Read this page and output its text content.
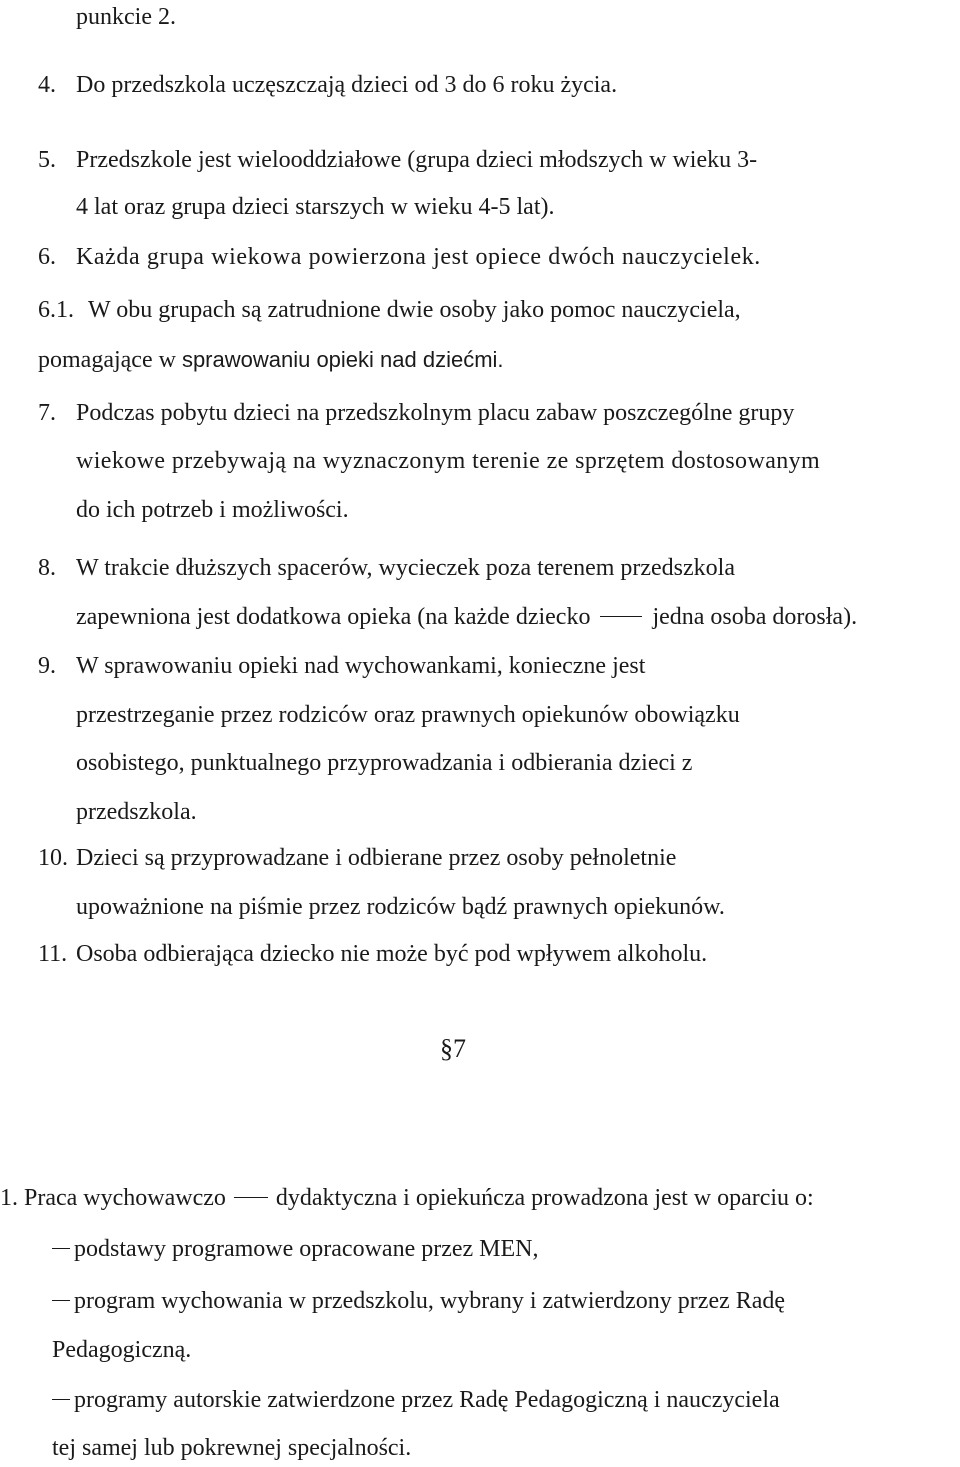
punkcie 2.
4. Do przedszkola uczęszczają dzieci od 3 do 6 roku życia.
5. Przedszkole jest wielooddziałowe (grupa dzieci młodszych w wieku 3-
4 lat oraz grupa dzieci starszych w wieku 4-5 lat).
6. Każda grupa wiekowa powierzona jest opiece dwóch nauczycielek.
6.1. W obu grupach są zatrudnione dwie osoby jako pomoc nauczyciela,
pomagające w sprawowaniu opieki nad dziećmi.
7. Podczas pobytu dzieci na przedszkolnym placu zabaw poszczególne grupy
wiekowe przebywają na wyznaczonym terenie ze sprzętem dostosowanym
do ich potrzeb i możliwości.
8. W trakcie dłuższych spacerów, wycieczek poza terenem przedszkola
zapewniona jest dodatkowa opieka (na każde dziecko	jedna osoba dorosła).
9. W sprawowaniu opieki nad wychowankami, konieczne jest
przestrzeganie przez rodziców oraz prawnych opiekunów obowiązku
osobistego, punktualnego przyprowadzania i odbierania dzieci z
przedszkola.
10. Dzieci są przyprowadzane i odbierane przez osoby pełnoletnie
upoważnione na piśmie przez rodziców bądź prawnych opiekunów.
11. Osoba odbierająca dziecko nie może być pod wpływem alkoholu.
§7
1. Praca wychowawczo dydaktyczna i opiekuńcza prowadzona jest w oparciu o:
podstawy programowe opracowane przez MEN,
program wychowania w przedszkolu, wybrany i zatwierdzony przez Radę
Pedagogiczną.
programy autorskie zatwierdzone przez Radę Pedagogiczną i nauczyciela
tej samej lub pokrewnej specjalności.
